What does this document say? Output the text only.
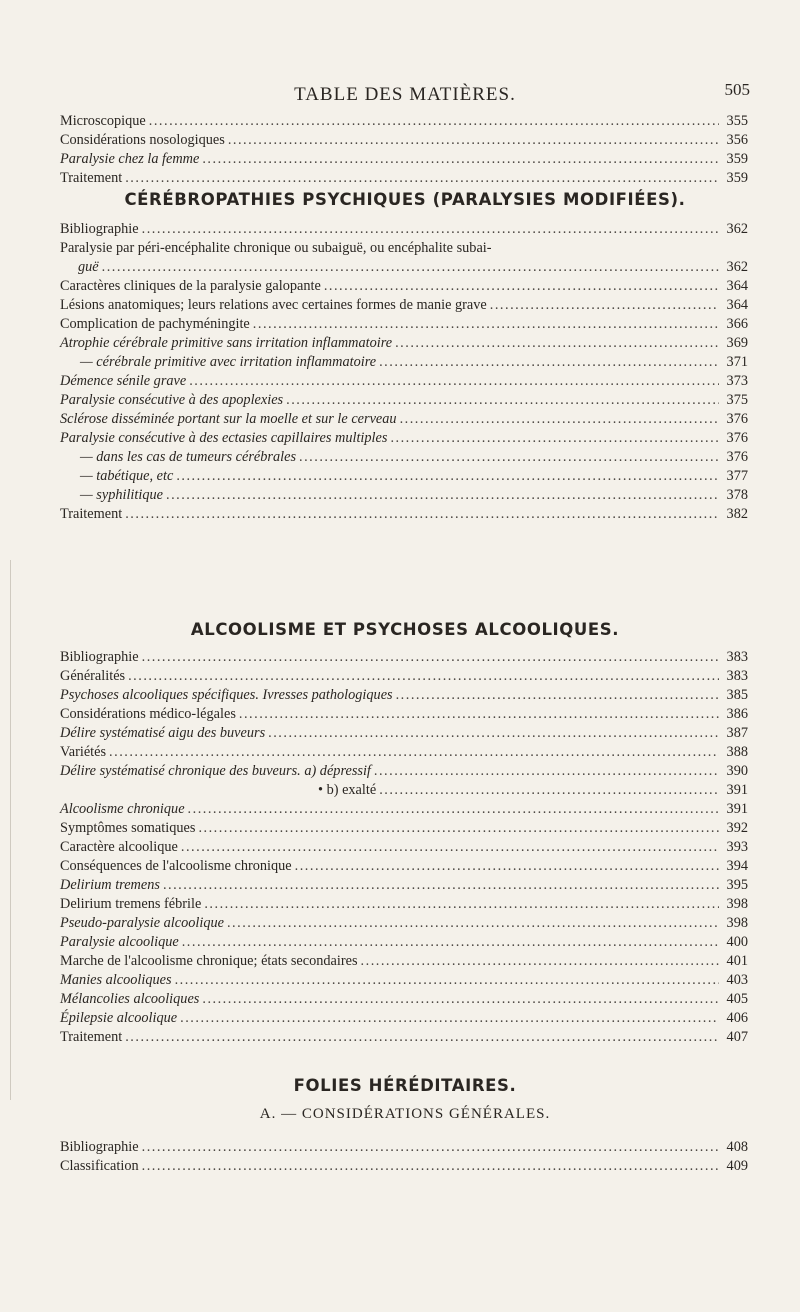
TABLE DES MATIÈRES.	505
Microscopique .....	355
Considérations nosologiques .....	356
Paralysie chez la femme .....	359
Traitement .....	359
CÉRÉBROPATHIES PSYCHIQUES (PARALYSIES MODIFIÉES).
Bibliographie .....	362
Paralysie par péri-encéphalite chronique ou subaiguë, ou encéphalite subai-
guë .....	362
Caractères cliniques de la paralysie galopante .....	364
Lésions anatomiques; leurs relations avec certaines formes de manie grave .....	364
Complication de pachyméningite .....	366
Atrophie cérébrale primitive sans irritation inflammatoire .....	369
— cérébrale primitive avec irritation inflammatoire .....	371
Démence sénile grave .....	373
Paralysie consécutive à des apoplexies .....	375
Sclérose disséminée portant sur la moelle et sur le cerveau .....	376
Paralysie consécutive à des ectasies capillaires multiples .....	376
— dans les cas de tumeurs cérébrales .....	376
— tabétique, etc .....	377
— syphilitique .....	378
Traitement .....	382
ALCOOLISME ET PSYCHOSES ALCOOLIQUES.
Bibliographie .....	383
Généralités .....	383
Psychoses alcooliques spécifiques. Ivresses pathologiques .....	385
Considérations médico-légales .....	386
Délire systématisé aigu des buveurs .....	387
Variétés .....	388
Délire systématisé chronique des buveurs. a) dépressif .....	390
• b) exalté .....	391
Alcoolisme chronique .....	391
Symptômes somatiques .....	392
Caractère alcoolique .....	393
Conséquences de l'alcoolisme chronique .....	394
Delirium tremens .....	395
Delirium tremens fébrile .....	398
Pseudo-paralysie alcoolique .....	398
Paralysie alcoolique .....	400
Marche de l'alcoolisme chronique; états secondaires .....	401
Manies alcooliques .....	403
Mélancolies alcooliques .....	405
Épilepsie alcoolique .....	406
Traitement .....	407
FOLIES HÉRÉDITAIRES.
A. — CONSIDÉRATIONS GÉNÉRALES.
Bibliographie .....	408
Classification .....	409
